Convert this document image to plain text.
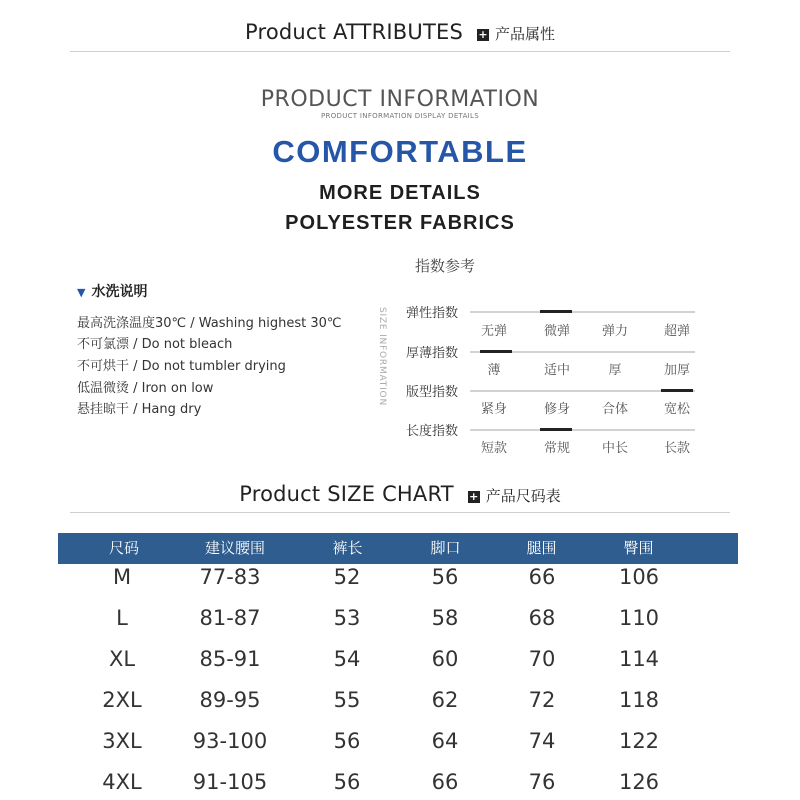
Product ATTRIBUTES + 产品属性
PRODUCT INFORMATION
PRODUCT INFORMATION DISPLAY DETAILS
COMFORTABLE
MORE DETAILS
POLYESTER FABRICS
指数参考
▼ 水洗说明
最高洗涤温度30℃ / Washing highest 30℃
不可氯漂 / Do not bleach
不可烘干 / Do not tumbler drying
低温微烫 / Iron on low
悬挂晾干 / Hang dry
SIZE INFORMATION 弹性指数
无弹	微弹	弹力	超弹
厚薄指数
薄	适中	厚	加厚
版型指数
紧身	修身	合体	宽松
长度指数
短款	常规	中长	长款
Product SIZE CHART + 产品尺码表
尺码	建议腰围	裤长	脚口	腿围	臀围
M	77-83	52	56	66	106
L	81-87	53	58	68	110
XL	85-91	54	60	70	114
2XL	89-95	55	62	72	118
3XL	93-100	56	64	74	122
4XL	91-105	56	66	76	126
